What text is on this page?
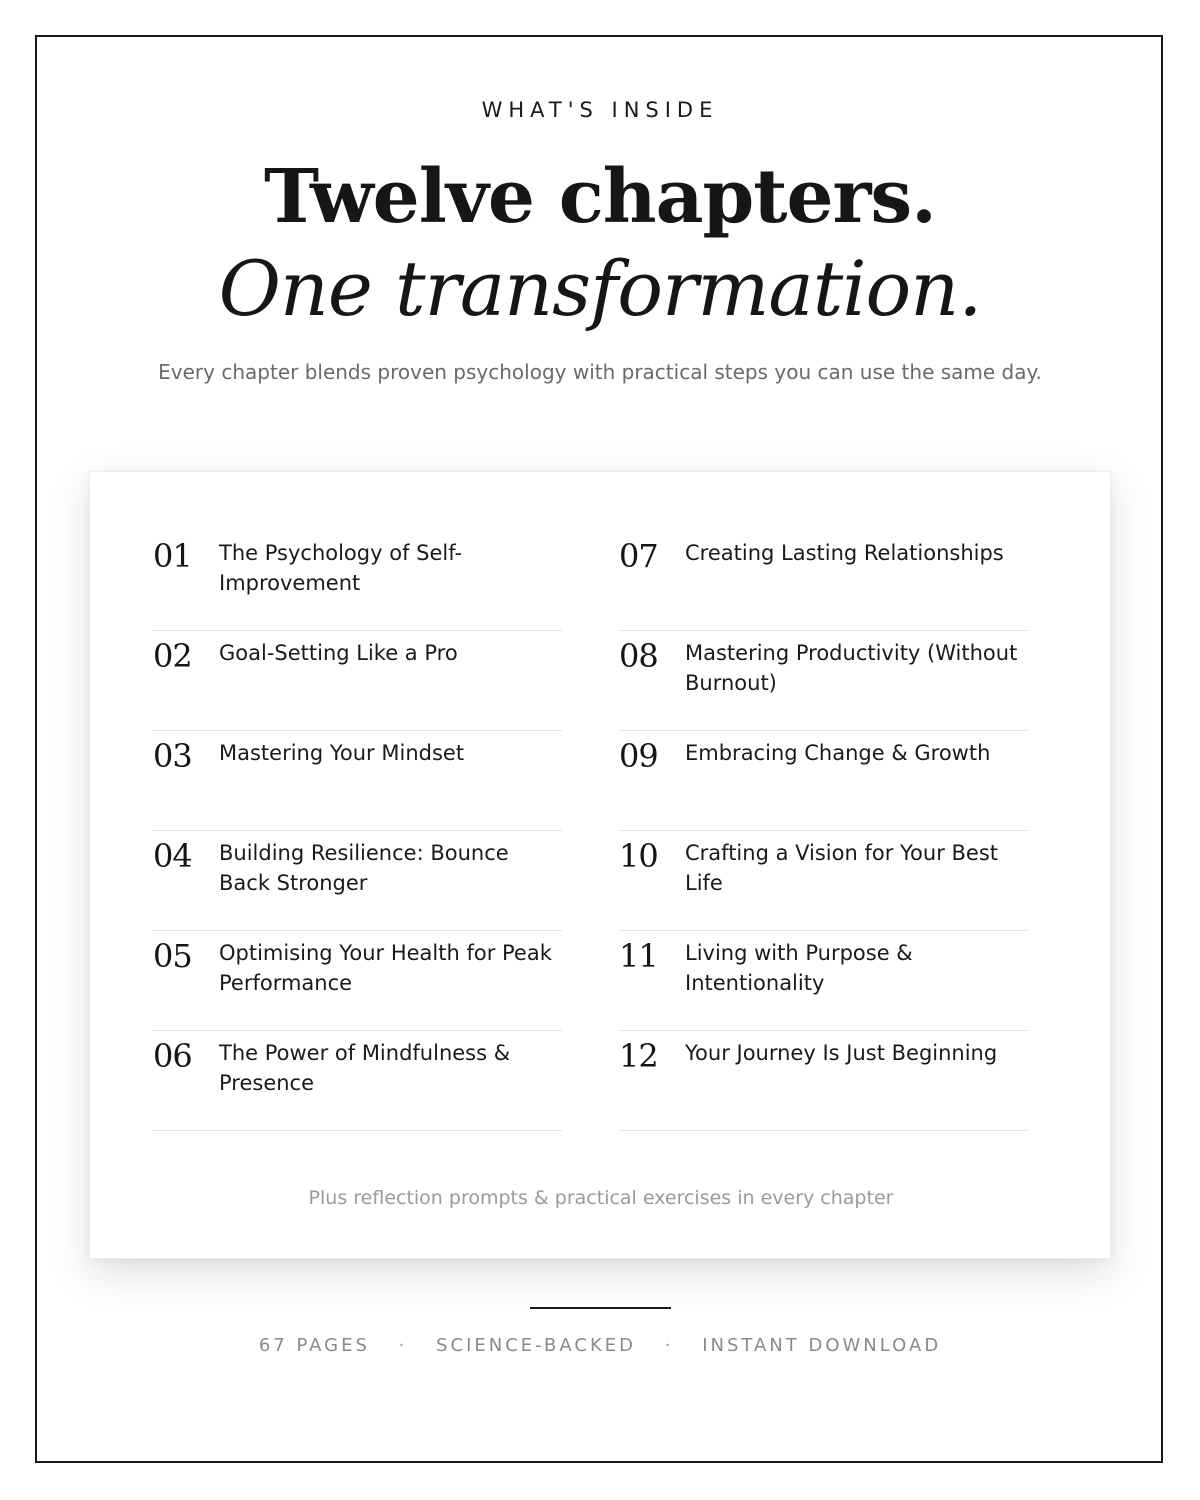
WHAT'S INSIDE
Twelve chapters.
One transformation.
Every chapter blends proven psychology with practical steps you can use the same day.
01 The Psychology of Self-Improvement
02 Goal-Setting Like a Pro
03 Mastering Your Mindset
04 Building Resilience: Bounce Back Stronger
05 Optimising Your Health for Peak Performance
06 The Power of Mindfulness & Presence
07 Creating Lasting Relationships
08 Mastering Productivity (Without Burnout)
09 Embracing Change & Growth
10 Crafting a Vision for Your Best Life
11 Living with Purpose & Intentionality
12 Your Journey Is Just Beginning
Plus reflection prompts & practical exercises in every chapter
67 PAGES · SCIENCE-BACKED · INSTANT DOWNLOAD
